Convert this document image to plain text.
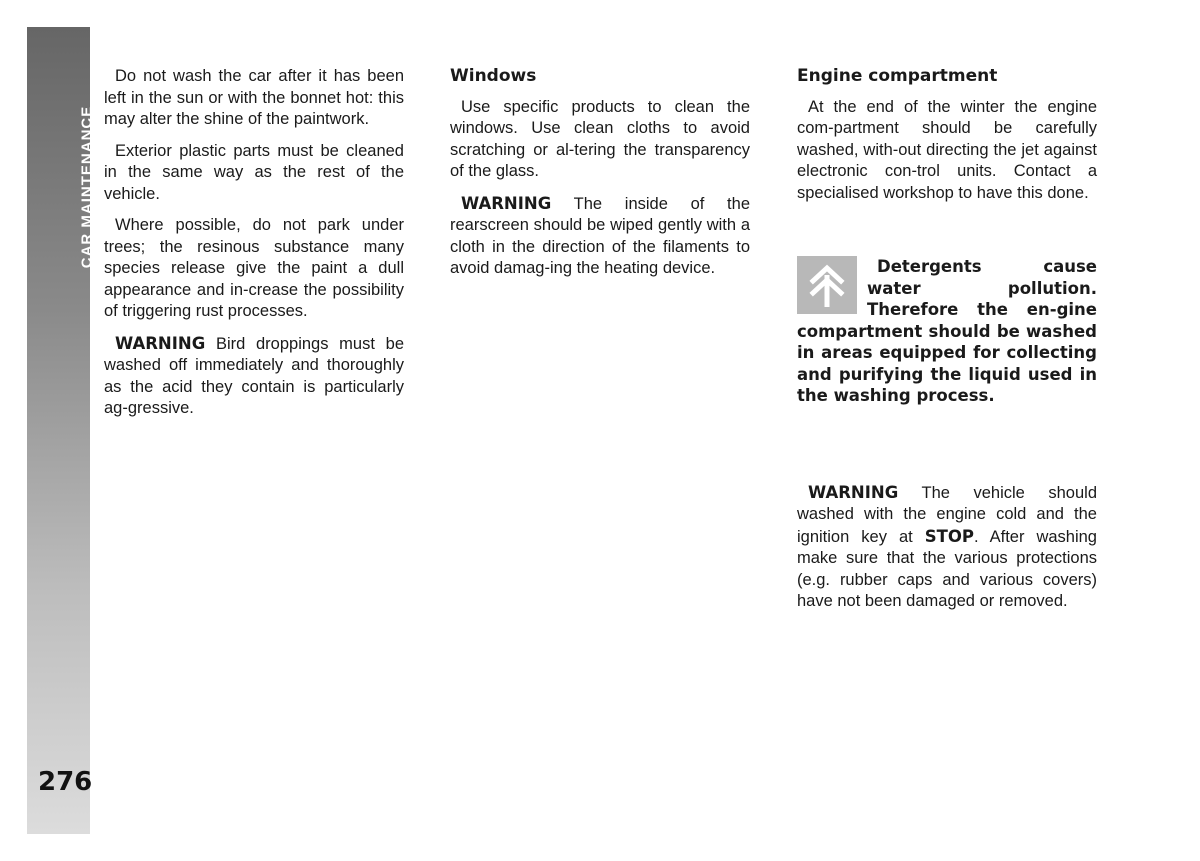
CAR MAINTENANCE
276

Do not wash the car after it has been left in the sun or with the bonnet hot: this may alter the shine of the paintwork.

Exterior plastic parts must be cleaned in the same way as the rest of the vehicle.

Where possible, do not park under trees; the resinous substance many species release give the paint a dull appearance and in-crease the possibility of triggering rust processes.

WARNING Bird droppings must be washed off immediately and thoroughly as the acid they contain is particularly ag-gressive.

Windows

Use specific products to clean the windows. Use clean cloths to avoid scratching or al-tering the transparency of the glass.

WARNING The inside of the rearscreen should be wiped gently with a cloth in the direction of the filaments to avoid damag-ing the heating device.

Engine compartment

At the end of the winter the engine com-partment should be carefully washed, with-out directing the jet against electronic con-trol units. Contact a specialised workshop to have this done.

Detergents cause water pollution. Therefore the en-gine compartment should be washed in areas equipped for collecting and purifying the liquid used in the washing process.

WARNING The vehicle should washed with the engine cold and the ignition key at STOP. After washing make sure that the various protections (e.g. rubber caps and various covers) have not been damaged or removed.
